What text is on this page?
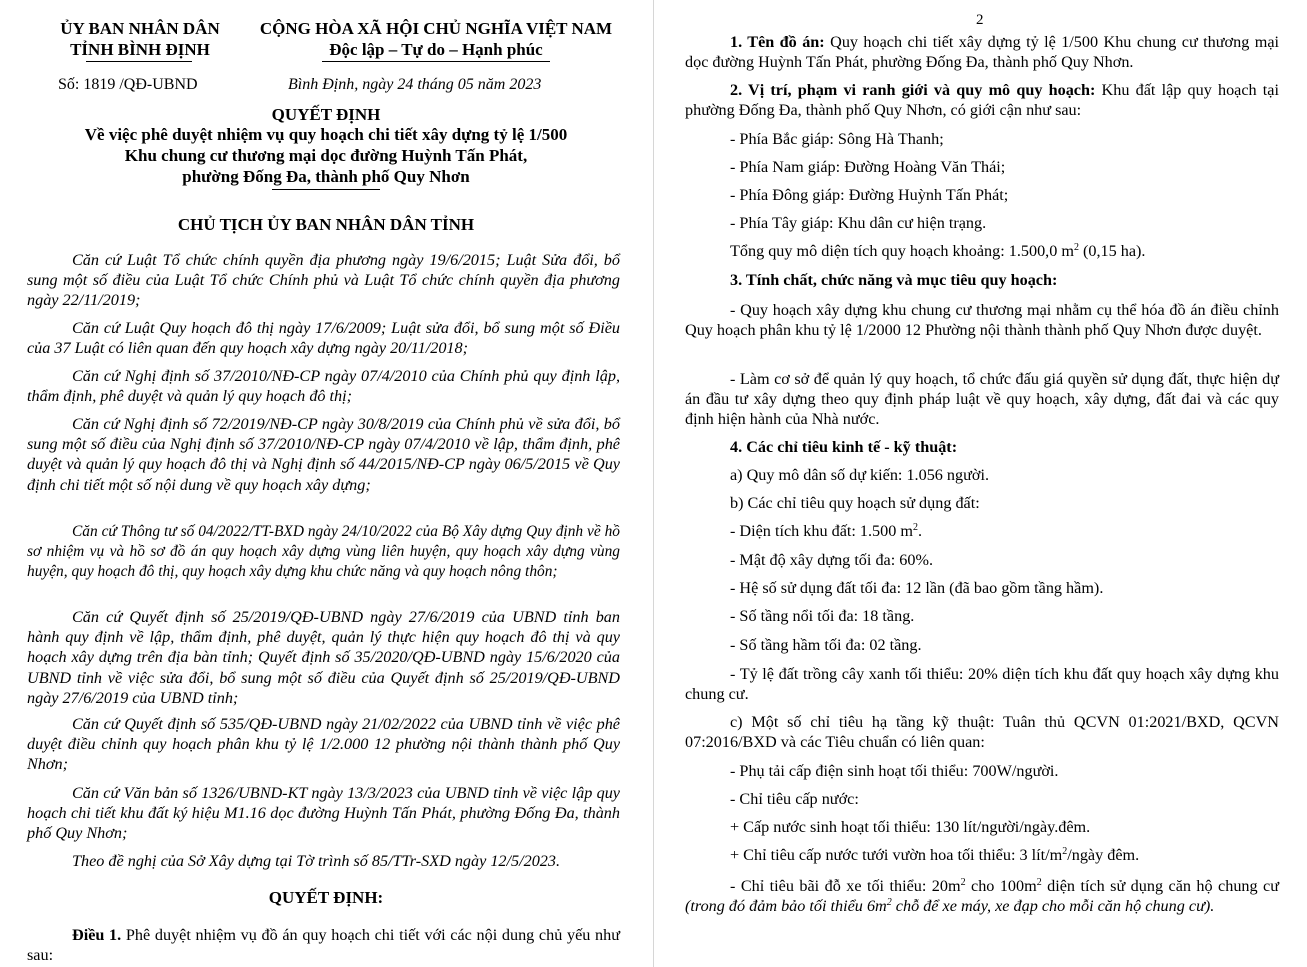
ỦY BAN NHÂN DÂN
TỈNH BÌNH ĐỊNH
CỘNG HÒA XÃ HỘI CHỦ NGHĨA VIỆT NAM
Độc lập – Tự do – Hạnh phúc
Số: 1819 /QĐ-UBND	Bình Định, ngày 24 tháng 05 năm 2023
QUYẾT ĐỊNH
Về việc phê duyệt nhiệm vụ quy hoạch chi tiết xây dựng tỷ lệ 1/500
Khu chung cư thương mại dọc đường Huỳnh Tấn Phát,
phường Đống Đa, thành phố Quy Nhơn
CHỦ TỊCH ỦY BAN NHÂN DÂN TỈNH
Căn cứ Luật Tổ chức chính quyền địa phương ngày 19/6/2015; Luật Sửa đổi, bổ sung một số điều của Luật Tổ chức Chính phủ và Luật Tổ chức chính quyền địa phương ngày 22/11/2019;
Căn cứ Luật Quy hoạch đô thị ngày 17/6/2009; Luật sửa đổi, bổ sung một số Điều của 37 Luật có liên quan đến quy hoạch xây dựng ngày 20/11/2018;
Căn cứ Nghị định số 37/2010/NĐ-CP ngày 07/4/2010 của Chính phủ quy định lập, thẩm định, phê duyệt và quản lý quy hoạch đô thị;
Căn cứ Nghị định số 72/2019/NĐ-CP ngày 30/8/2019 của Chính phủ về sửa đổi, bổ sung một số điều của Nghị định số 37/2010/NĐ-CP ngày 07/4/2010 về lập, thẩm định, phê duyệt và quản lý quy hoạch đô thị và Nghị định số 44/2015/NĐ-CP ngày 06/5/2015 về Quy định chi tiết một số nội dung về quy hoạch xây dựng;
Căn cứ Thông tư số 04/2022/TT-BXD ngày 24/10/2022 của Bộ Xây dựng Quy định về hồ sơ nhiệm vụ và hồ sơ đồ án quy hoạch xây dựng vùng liên huyện, quy hoạch xây dựng vùng huyện, quy hoạch đô thị, quy hoạch xây dựng khu chức năng và quy hoạch nông thôn;
Căn cứ Quyết định số 25/2019/QĐ-UBND ngày 27/6/2019 của UBND tỉnh ban hành quy định về lập, thẩm định, phê duyệt, quản lý thực hiện quy hoạch đô thị và quy hoạch xây dựng trên địa bàn tỉnh; Quyết định số 35/2020/QĐ-UBND ngày 15/6/2020 của UBND tỉnh về việc sửa đổi, bổ sung một số điều của Quyết định số 25/2019/QĐ-UBND ngày 27/6/2019 của UBND tỉnh;
Căn cứ Quyết định số 535/QĐ-UBND ngày 21/02/2022 của UBND tỉnh về việc phê duyệt điều chỉnh quy hoạch phân khu tỷ lệ 1/2.000 12 phường nội thành thành phố Quy Nhơn;
Căn cứ Văn bản số 1326/UBND-KT ngày 13/3/2023 của UBND tỉnh về việc lập quy hoạch chi tiết khu đất ký hiệu M1.16 dọc đường Huỳnh Tấn Phát, phường Đống Đa, thành phố Quy Nhơn;
Theo đề nghị của Sở Xây dựng tại Tờ trình số 85/TTr-SXD ngày 12/5/2023.
QUYẾT ĐỊNH:
Điều 1. Phê duyệt nhiệm vụ đồ án quy hoạch chi tiết với các nội dung chủ yếu như sau:
2
1. Tên đồ án: Quy hoạch chi tiết xây dựng tỷ lệ 1/500 Khu chung cư thương mại dọc đường Huỳnh Tấn Phát, phường Đống Đa, thành phố Quy Nhơn.
2. Vị trí, phạm vi ranh giới và quy mô quy hoạch: Khu đất lập quy hoạch tại phường Đống Đa, thành phố Quy Nhơn, có giới cận như sau:
- Phía Bắc giáp: Sông Hà Thanh;
- Phía Nam giáp: Đường Hoàng Văn Thái;
- Phía Đông giáp: Đường Huỳnh Tấn Phát;
- Phía Tây giáp: Khu dân cư hiện trạng.
Tổng quy mô diện tích quy hoạch khoảng: 1.500,0 $m^2$ (0,15 ha).
3. Tính chất, chức năng và mục tiêu quy hoạch:
- Quy hoạch xây dựng khu chung cư thương mại nhằm cụ thể hóa đồ án điều chỉnh Quy hoạch phân khu tỷ lệ 1/2000 12 Phường nội thành thành phố Quy Nhơn được duyệt.
- Làm cơ sở để quản lý quy hoạch, tổ chức đấu giá quyền sử dụng đất, thực hiện dự án đầu tư xây dựng theo quy định pháp luật về quy hoạch, xây dựng, đất đai và các quy định hiện hành của Nhà nước.
4. Các chỉ tiêu kinh tế - kỹ thuật:
a) Quy mô dân số dự kiến: 1.056 người.
b) Các chỉ tiêu quy hoạch sử dụng đất:
- Diện tích khu đất: 1.500 $m^2$.
- Mật độ xây dựng tối đa: 60%.
- Hệ số sử dụng đất tối đa: 12 lần (đã bao gồm tầng hầm).
- Số tầng nổi tối đa: 18 tầng.
- Số tầng hầm tối đa: 02 tầng.
- Tỷ lệ đất trồng cây xanh tối thiểu: 20% diện tích khu đất quy hoạch xây dựng khu chung cư.
c) Một số chỉ tiêu hạ tầng kỹ thuật: Tuân thủ QCVN 01:2021/BXD, QCVN 07:2016/BXD và các Tiêu chuẩn có liên quan:
- Phụ tải cấp điện sinh hoạt tối thiểu: 700W/người.
- Chỉ tiêu cấp nước:
+ Cấp nước sinh hoạt tối thiểu: 130 lít/người/ngày.đêm.
+ Chỉ tiêu cấp nước tưới vườn hoa tối thiểu: 3 lít/$m^2$/ngày đêm.
- Chỉ tiêu bãi đỗ xe tối thiểu: $20m^2$ cho $100m^2$ diện tích sử dụng căn hộ chung cư (trong đó đảm bảo tối thiểu $6m^2$ chỗ để xe máy, xe đạp cho mỗi căn hộ chung cư).
